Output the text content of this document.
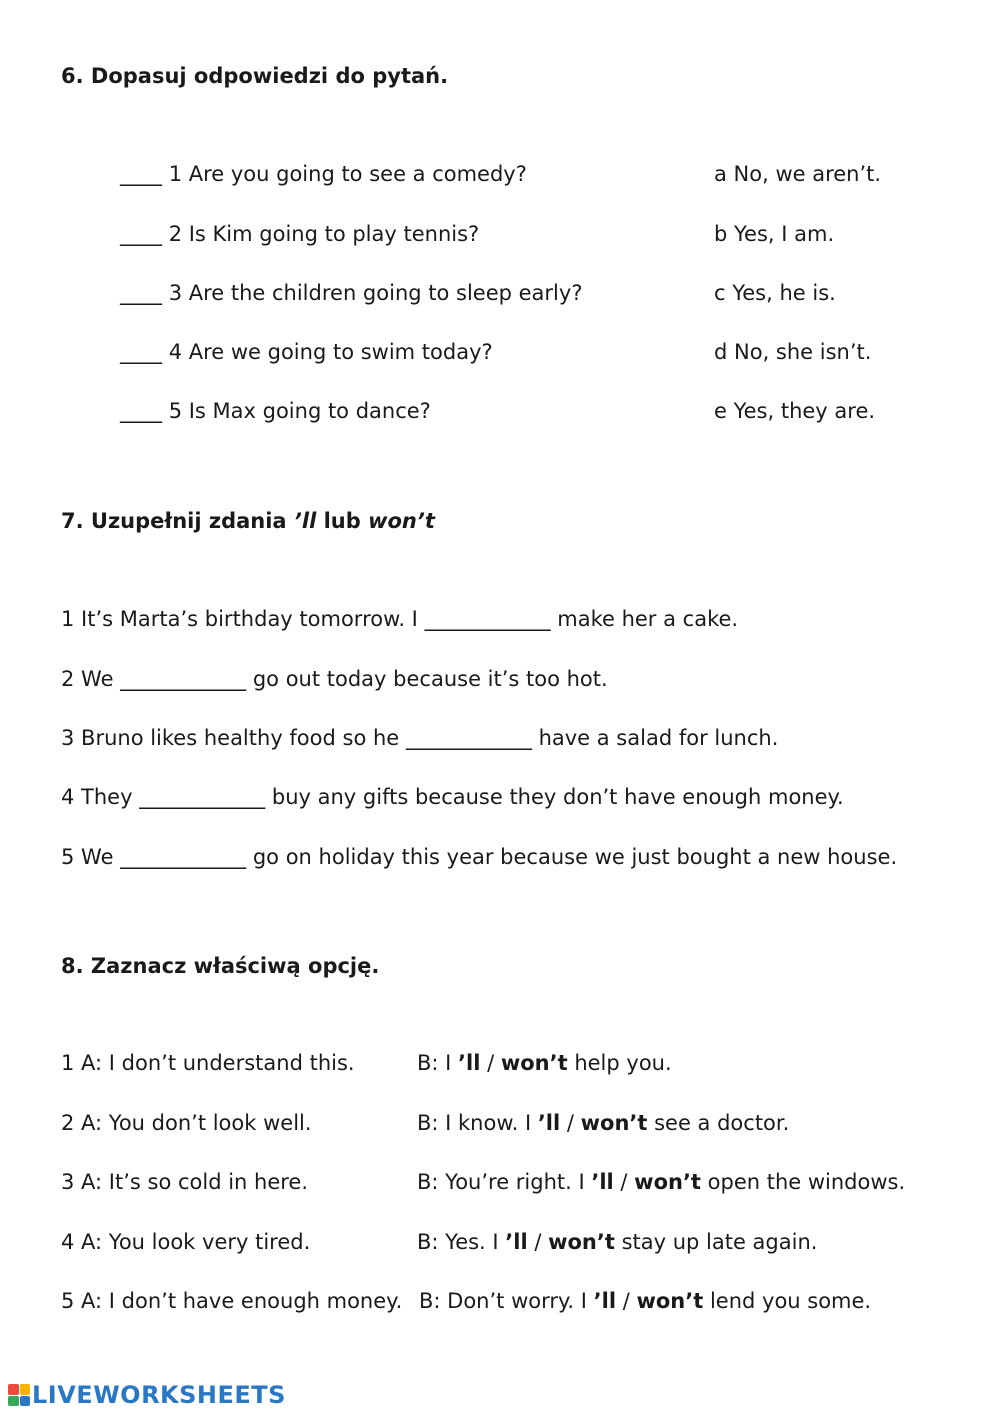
6. Dopasuj odpowiedzi do pytań.
____ 1 Are you going to see a comedy?	a No, we aren’t.
____ 2 Is Kim going to play tennis?	b Yes, I am.
____ 3 Are the children going to sleep early?	c Yes, he is.
____ 4 Are we going to swim today?	d No, she isn’t.
____ 5 Is Max going to dance?	e Yes, they are.
7. Uzupełnij zdania ’ll lub won’t
1 It’s Marta’s birthday tomorrow. I ____________ make her a cake.
2 We ____________ go out today because it’s too hot.
3 Bruno likes healthy food so he ____________ have a salad for lunch.
4 They ____________ buy any gifts because they don’t have enough money.
5 We ____________ go on holiday this year because we just bought a new house.
8. Zaznacz właściwą opcję.
1 A: I don’t understand this.	B: I ’ll / won’t help you.
2 A: You don’t look well.	B: I know. I ’ll / won’t see a doctor.
3 A: It’s so cold in here.	B: You’re right. I ’ll / won’t open the windows.
4 A: You look very tired.	B: Yes. I ’ll / won’t stay up late again.
5 A: I don’t have enough money. B: Don’t worry. I ’ll / won’t lend you some.
LIVEWORKSHEETS
